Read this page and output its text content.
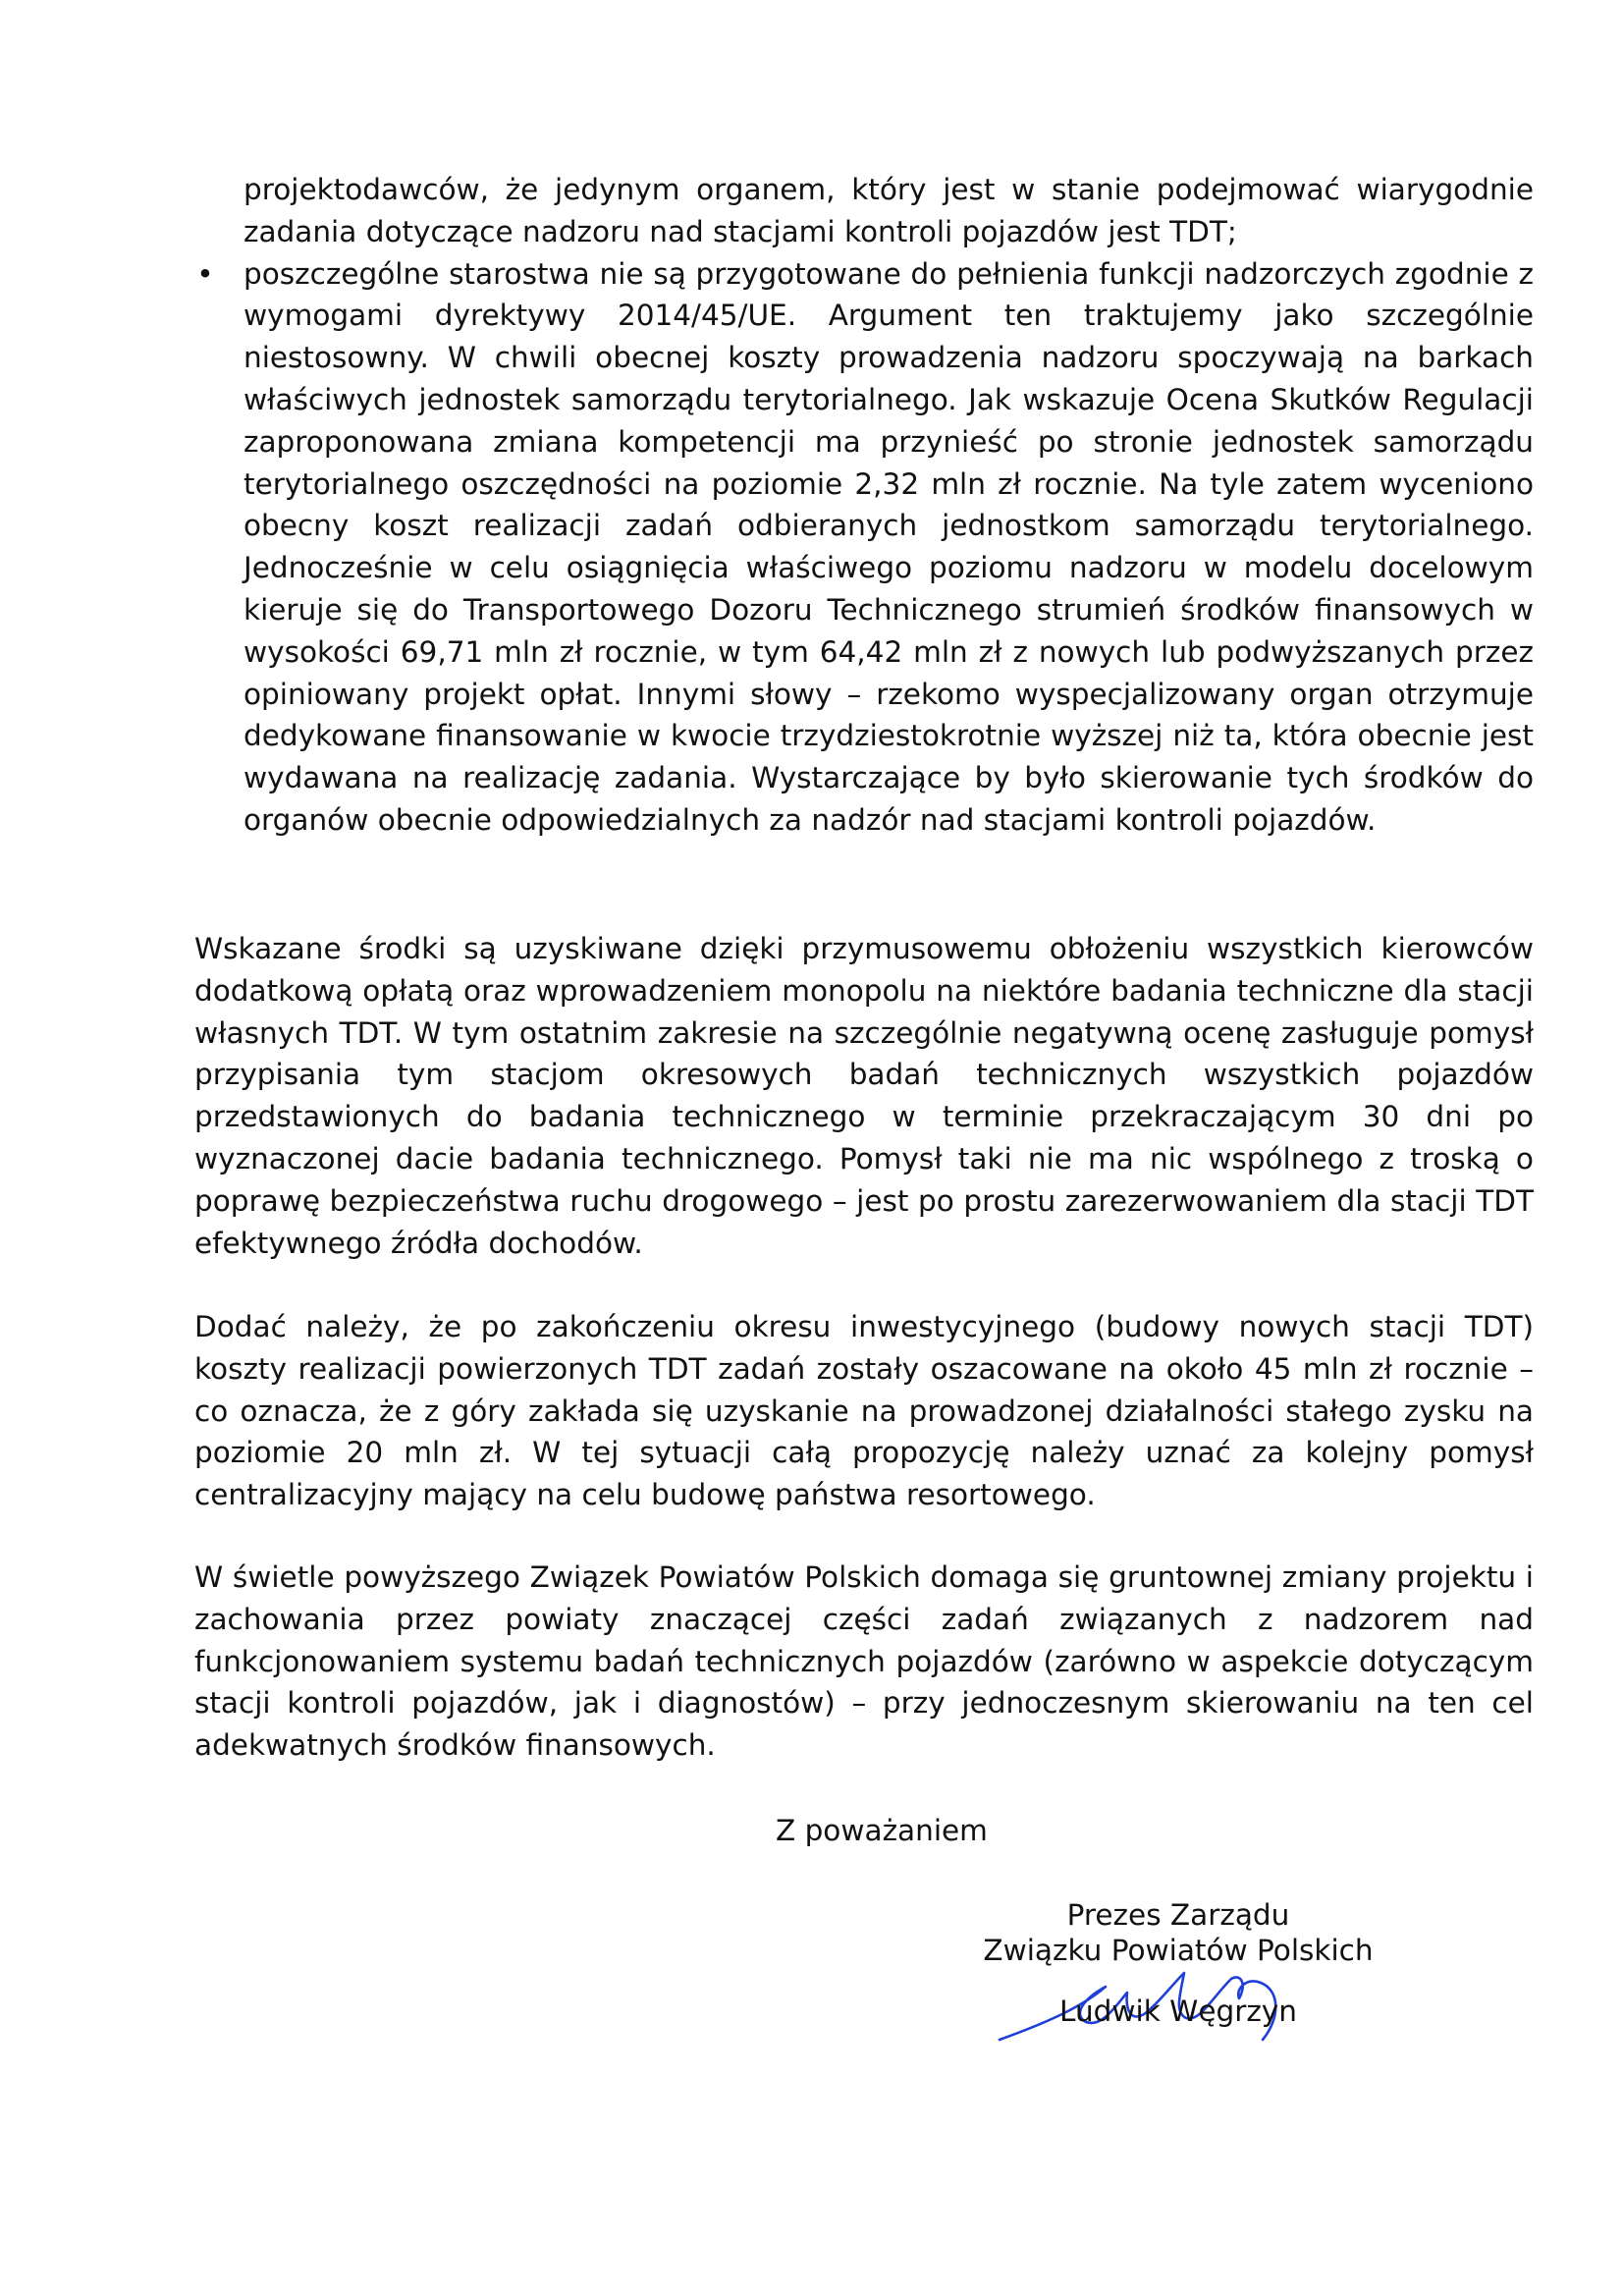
projektodawców, że jedynym organem, który jest w stanie podejmować wiarygodnie zadania dotyczące nadzoru nad stacjami kontroli pojazdów jest TDT;
• poszczególne starostwa nie są przygotowane do pełnienia funkcji nadzorczych zgodnie z wymogami dyrektywy 2014/45/UE. Argument ten traktujemy jako szczególnie niestosowny. W chwili obecnej koszty prowadzenia nadzoru spoczywają na barkach właściwych jednostek samorządu terytorialnego. Jak wskazuje Ocena Skutków Regulacji zaproponowana zmiana kompetencji ma przynieść po stronie jednostek samorządu terytorialnego oszczędności na poziomie 2,32 mln zł rocznie. Na tyle zatem wyceniono obecny koszt realizacji zadań odbieranych jednostkom samorządu terytorialnego. Jednocześnie w celu osiągnięcia właściwego poziomu nadzoru w modelu docelowym kieruje się do Transportowego Dozoru Technicznego strumień środków finansowych w wysokości 69,71 mln zł rocznie, w tym 64,42 mln zł z nowych lub podwyższanych przez opiniowany projekt opłat. Innymi słowy – rzekomo wyspecjalizowany organ otrzymuje dedykowane finansowanie w kwocie trzydziestokrotnie wyższej niż ta, która obecnie jest wydawana na realizację zadania. Wystarczające by było skierowanie tych środków do organów obecnie odpowiedzialnych za nadzór nad stacjami kontroli pojazdów.

Wskazane środki są uzyskiwane dzięki przymusowemu obłożeniu wszystkich kierowców dodatkową opłatą oraz wprowadzeniem monopolu na niektóre badania techniczne dla stacji własnych TDT. W tym ostatnim zakresie na szczególnie negatywną ocenę zasługuje pomysł przypisania tym stacjom okresowych badań technicznych wszystkich pojazdów przedstawionych do badania technicznego w terminie przekraczającym 30 dni po wyznaczonej dacie badania technicznego. Pomysł taki nie ma nic wspólnego z troską o poprawę bezpieczeństwa ruchu drogowego – jest po prostu zarezerwowaniem dla stacji TDT efektywnego źródła dochodów.

Dodać należy, że po zakończeniu okresu inwestycyjnego (budowy nowych stacji TDT) koszty realizacji powierzonych TDT zadań zostały oszacowane na około 45 mln zł rocznie – co oznacza, że z góry zakłada się uzyskanie na prowadzonej działalności stałego zysku na poziomie 20 mln zł. W tej sytuacji całą propozycję należy uznać za kolejny pomysł centralizacyjny mający na celu budowę państwa resortowego.

W świetle powyższego Związek Powiatów Polskich domaga się gruntownej zmiany projektu i zachowania przez powiaty znaczącej części zadań związanych z nadzorem nad funkcjonowaniem systemu badań technicznych pojazdów (zarówno w aspekcie dotyczącym stacji kontroli pojazdów, jak i diagnostów) – przy jednoczesnym skierowaniu na ten cel adekwatnych środków finansowych.

Z poważaniem
Prezes Zarządu
Związku Powiatów Polskich
Ludwik Węgrzyn
